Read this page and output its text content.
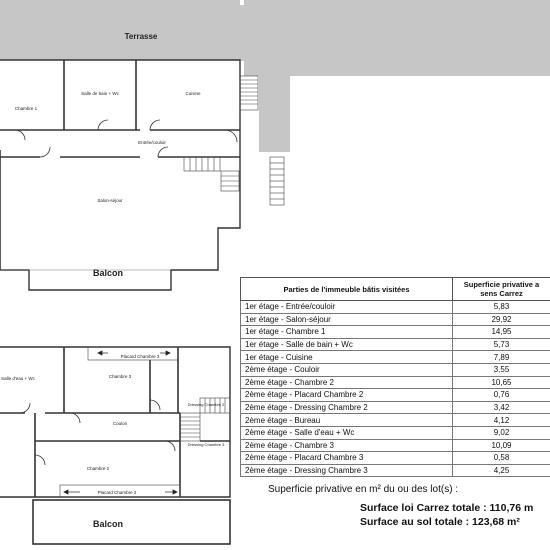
Terrasse
Chambre 1
Salle de bain + Wc	Cuisine
Entrée/couloir
Salon-séjour
Balcon
Salle d'eau + Wc
Placard Chambre 3
Chambre 3
Dressing Chambre 2
Couloir
Dressing Chambre 3
Chambre 2
Placard Chambre 2
Balcon
Parties de l'immeuble bâtis visitées	Superficie privative a
sens Carrez
1er étage - Entrée/couloir	5,83
1er étage - Salon-séjour	29,92
1er étage - Chambre 1	14,95
1er étage - Salle de bain + Wc	5,73
1er étage - Cuisine	7,89
2ème étage - Couloir	3,55
2ème étage - Chambre 2	10,65
2ème étage - Placard Chambre 2	0,76
2ème étage - Dressing Chambre 2	3,42
2ème étage - Bureau	4,12
2ème étage - Salle d'eau + Wc	9,02
2ème étage - Chambre 3	10,09
2ème étage - Placard Chambre 3	0,58
2ème étage - Dressing Chambre 3	4,25
Superficie privative en m² du ou des lot(s) :
Surface loi Carrez totale : 110,76 m
Surface au sol totale : 123,68 m²
